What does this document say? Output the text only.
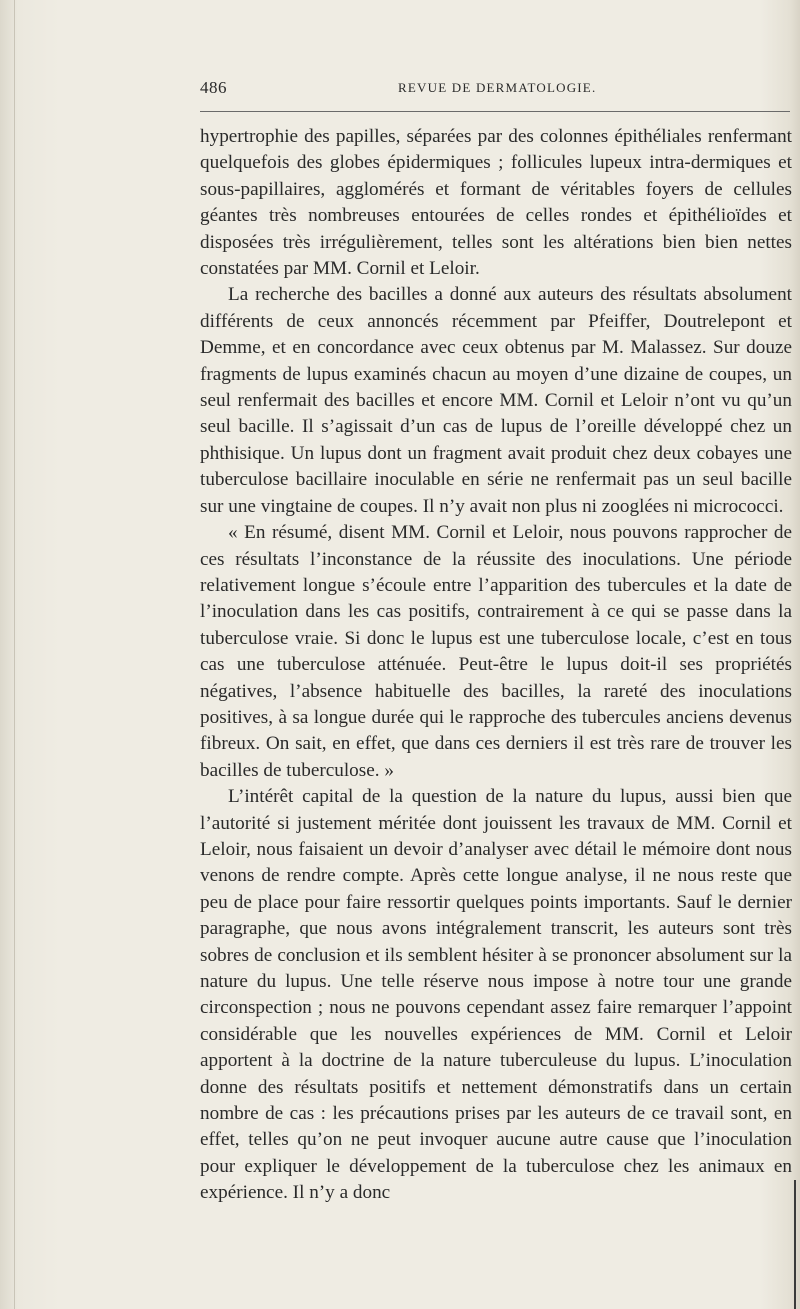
486	REVUE DE DERMATOLOGIE.

hypertrophie des papilles, séparées par des colonnes épithéliales renfermant quelquefois des globes épidermiques ; follicules lupeux intra-dermiques et sous-papillaires, agglomérés et formant de véritables foyers de cellules géantes très nombreuses entourées de celles rondes et épithélioïdes et disposées très irrégulièrement, telles sont les altérations bien bien nettes constatées par MM. Cornil et Leloir.

La recherche des bacilles a donné aux auteurs des résultats absolument différents de ceux annoncés récemment par Pfeiffer, Doutrelepont et Demme, et en concordance avec ceux obtenus par M. Malassez. Sur douze fragments de lupus examinés chacun au moyen d’une dizaine de coupes, un seul renfermait des bacilles et encore MM. Cornil et Leloir n’ont vu qu’un seul bacille. Il s’agissait d’un cas de lupus de l’oreille développé chez un phthisique. Un lupus dont un fragment avait produit chez deux cobayes une tuberculose bacillaire inoculable en série ne renfermait pas un seul bacille sur une vingtaine de coupes. Il n’y avait non plus ni zooglées ni micrococci.

« En résumé, disent MM. Cornil et Leloir, nous pouvons rapprocher de ces résultats l’inconstance de la réussite des inoculations. Une période relativement longue s’écoule entre l’apparition des tubercules et la date de l’inoculation dans les cas positifs, contrairement à ce qui se passe dans la tuberculose vraie. Si donc le lupus est une tuberculose locale, c’est en tous cas une tuberculose atténuée. Peut-être le lupus doit-il ses propriétés négatives, l’absence habituelle des bacilles, la rareté des inoculations positives, à sa longue durée qui le rapproche des tubercules anciens devenus fibreux. On sait, en effet, que dans ces derniers il est très rare de trouver les bacilles de tuberculose. »

L’intérêt capital de la question de la nature du lupus, aussi bien que l’autorité si justement méritée dont jouissent les travaux de MM. Cornil et Leloir, nous faisaient un devoir d’analyser avec détail le mémoire dont nous venons de rendre compte. Après cette longue analyse, il ne nous reste que peu de place pour faire ressortir quelques points importants. Sauf le dernier paragraphe, que nous avons intégralement transcrit, les auteurs sont très sobres de conclusion et ils semblent hésiter à se prononcer absolument sur la nature du lupus. Une telle réserve nous impose à notre tour une grande circonspection ; nous ne pouvons cependant assez faire remarquer l’appoint considérable que les nouvelles expériences de MM. Cornil et Leloir apportent à la doctrine de la nature tuberculeuse du lupus. L’inoculation donne des résultats positifs et nettement démonstratifs dans un certain nombre de cas : les précautions prises par les auteurs de ce travail sont, en effet, telles qu’on ne peut invoquer aucune autre cause que l’inoculation pour expliquer le développement de la tuberculose chez les animaux en expérience. Il n’y a donc
